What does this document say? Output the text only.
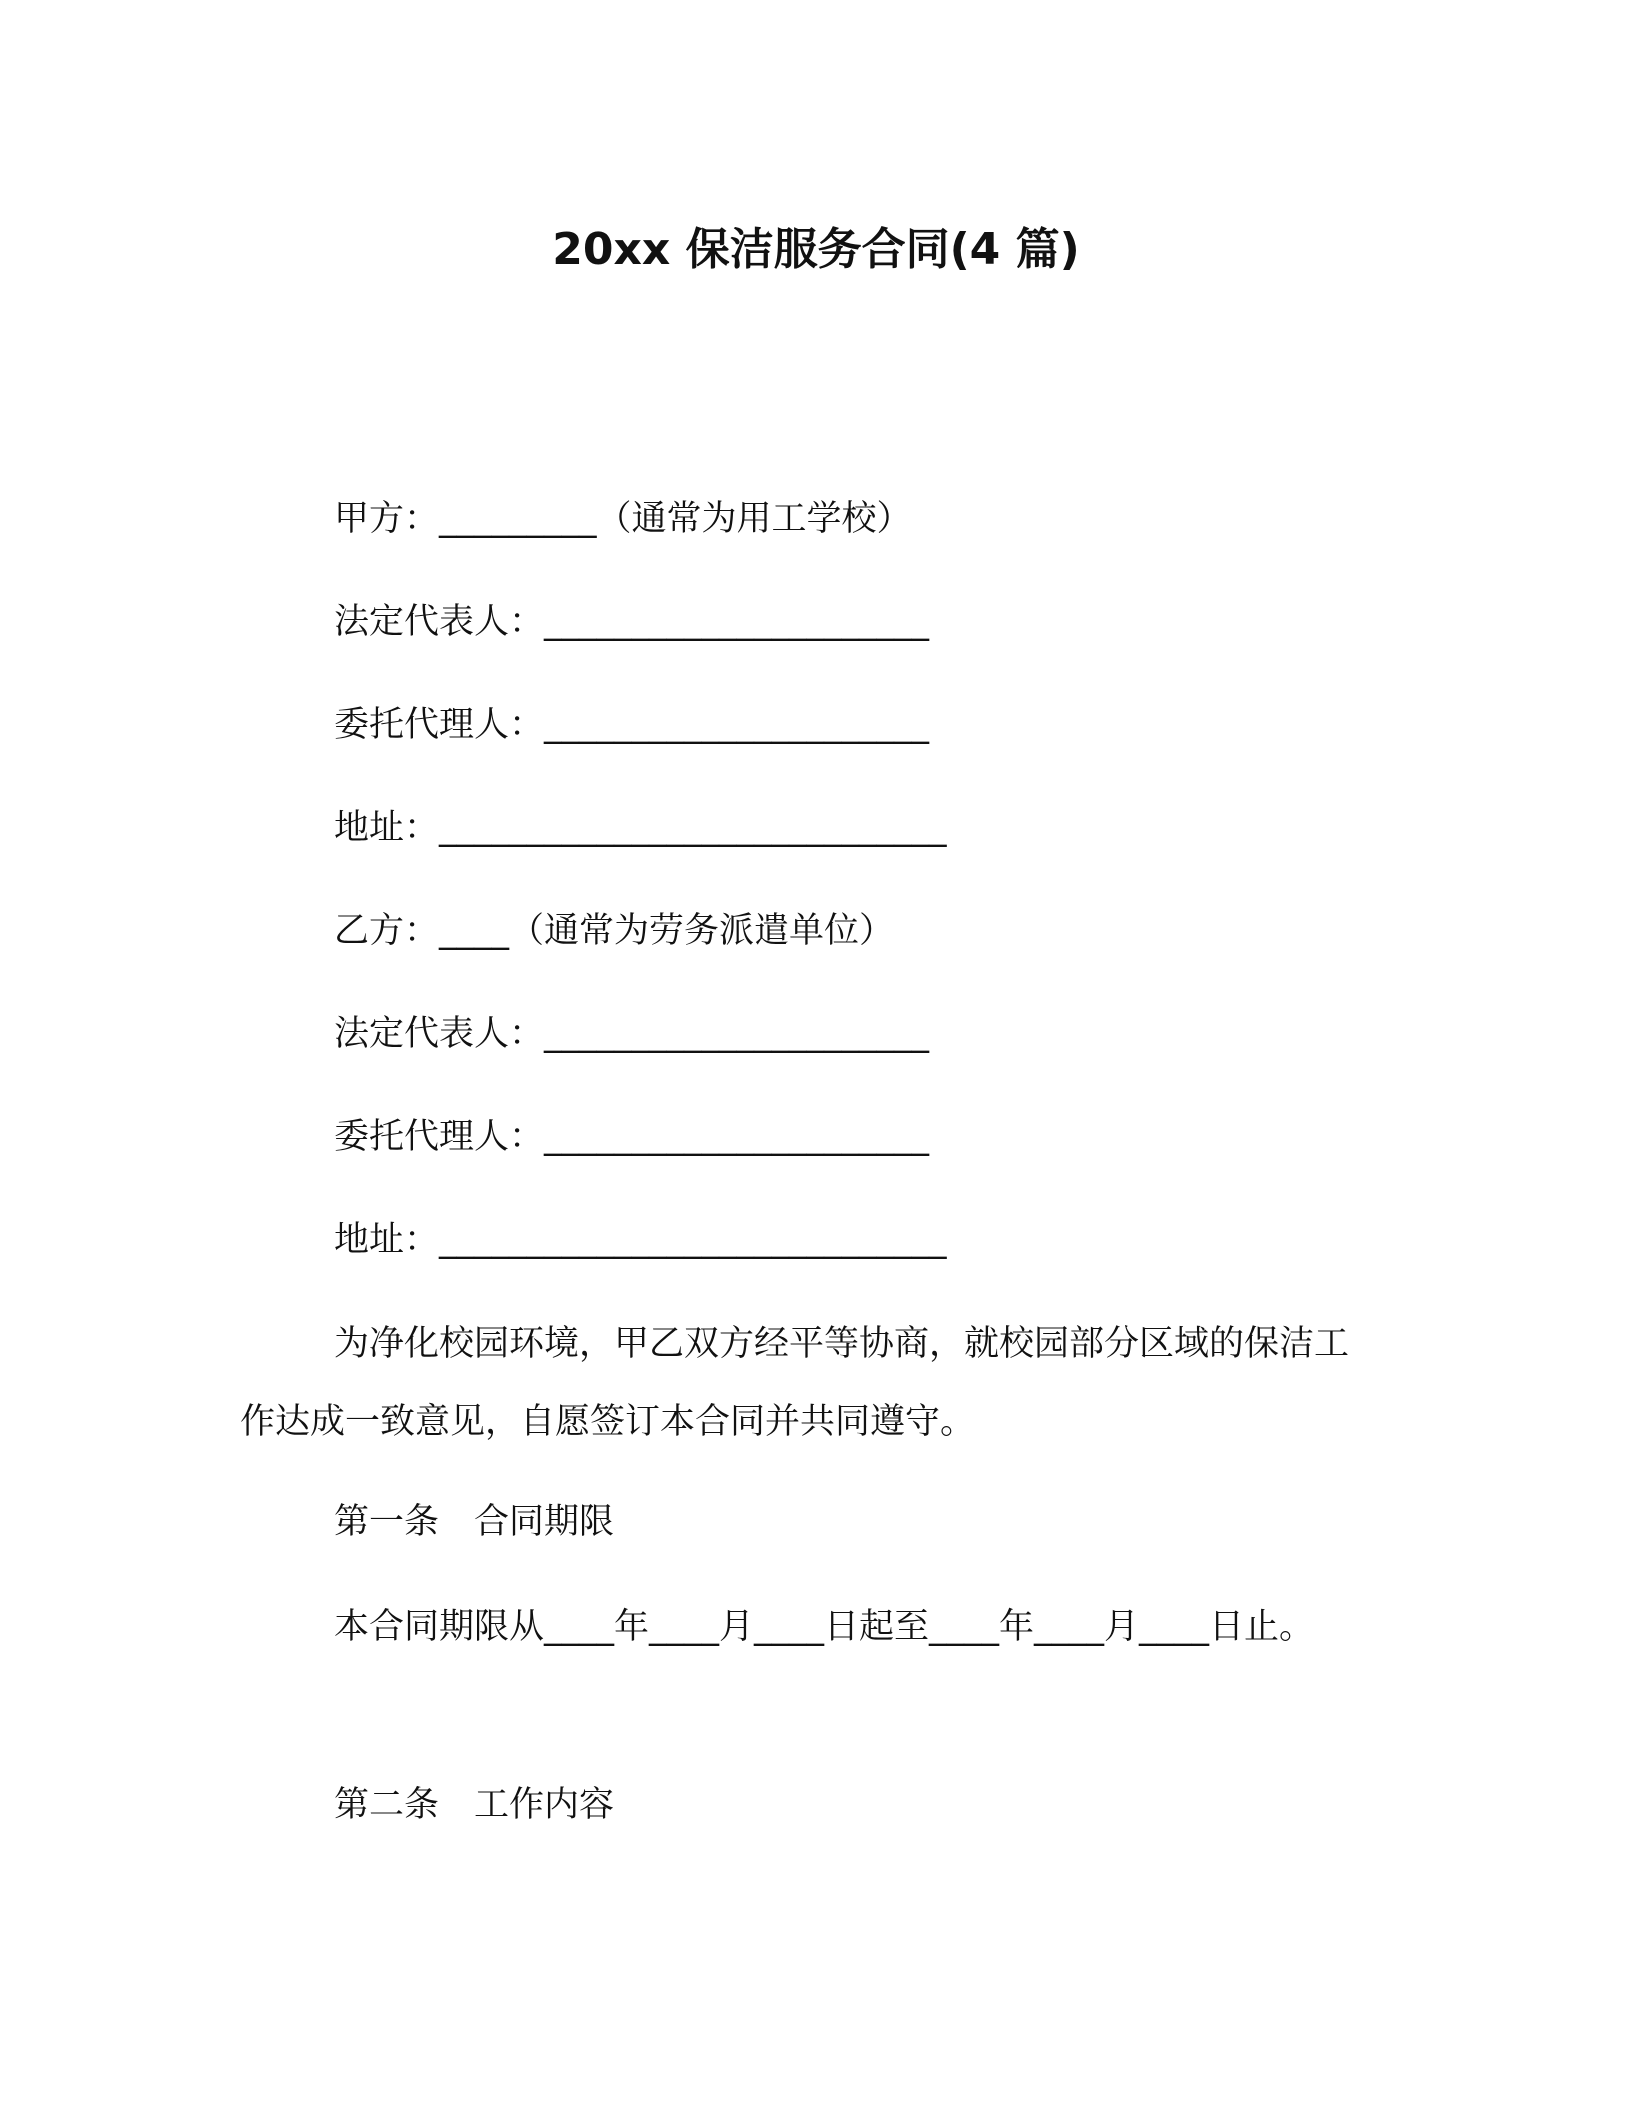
20xx 保洁服务合同(4 篇)
甲方：_________（通常为用工学校）
法定代表人：______________________
委托代理人：______________________
地址：_____________________________
乙方：____（通常为劳务派遣单位）
法定代表人：______________________
委托代理人：______________________
地址：_____________________________
为净化校园环境，甲乙双方经平等协商，就校园部分区域的保洁工作达成一致意见，自愿签订本合同并共同遵守。
第一条　合同期限
本合同期限从____年____月____日起至____年____月____日止。
第二条　工作内容
